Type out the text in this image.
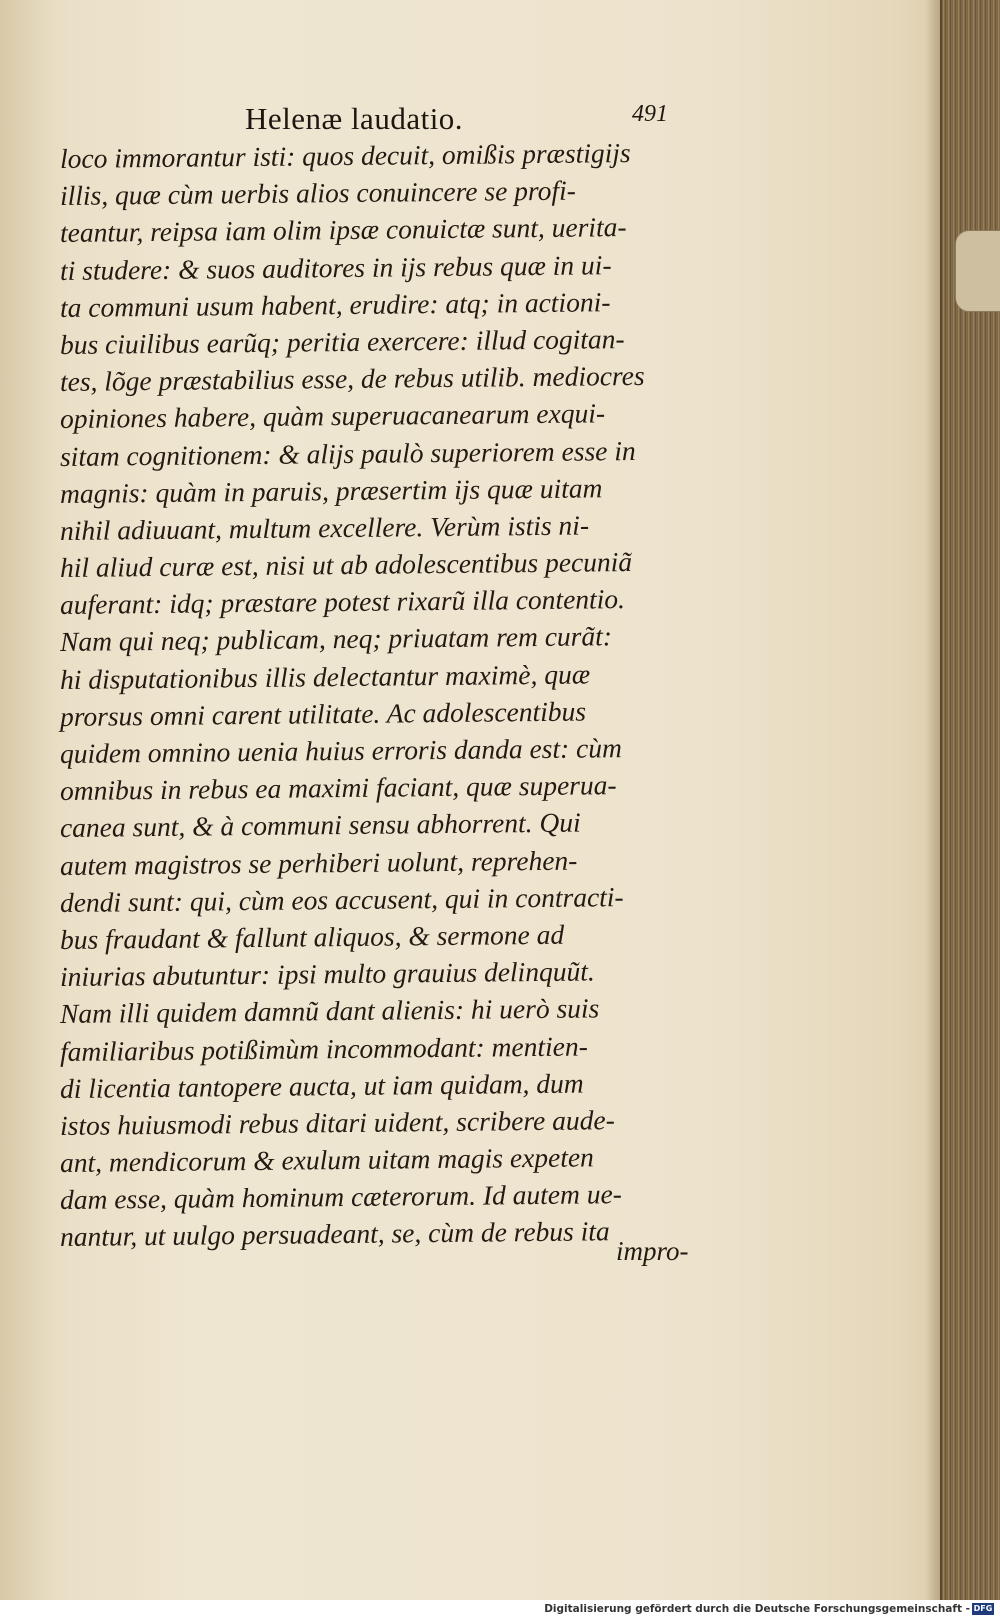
Helenæ laudatio.	491
loco immorantur isti: quos decuit, omißis præstigijs
illis, quæ cùm uerbis alios conuincere se profi-
teantur, reipsa iam olim ipsæ conuictæ sunt, uerita-
ti studere: & suos auditores in ijs rebus quæ in ui-
ta communi usum habent, erudire: atq; in actioni-
bus ciuilibus earũq; peritia exercere: illud cogitan-
tes, lõge præstabilius esse, de rebus utilib. mediocres
opiniones habere, quàm superuacanearum exqui-
sitam cognitionem: & alijs paulò superiorem esse in
magnis: quàm in paruis, præsertim ijs quæ uitam
nihil adiuuant, multum excellere. Verùm istis ni-
hil aliud curæ est, nisi ut ab adolescentibus pecuniã
auferant: idq; præstare potest rixarũ illa contentio.
Nam qui neq; publicam, neq; priuatam rem curãt:
hi disputationibus illis delectantur maximè, quæ
prorsus omni carent utilitate. Ac adolescentibus
quidem omnino uenia huius erroris danda est: cùm
omnibus in rebus ea maximi faciant, quæ superua-
canea sunt, & à communi sensu abhorrent. Qui
autem magistros se perhiberi uolunt, reprehen-
dendi sunt: qui, cùm eos accusent, qui in contracti-
bus fraudant & fallunt aliquos, & sermone ad
iniurias abutuntur: ipsi multo grauius delinquũt.
Nam illi quidem damnũ dant alienis: hi uerò suis
familiaribus potißimùm incommodant: mentien-
di licentia tantopere aucta, ut iam quidam, dum
istos huiusmodi rebus ditari uident, scribere aude-
ant, mendicorum & exulum uitam magis expeten
dam esse, quàm hominum cæterorum. Id autem ue-
nantur, ut uulgo persuadeant, se, cùm de rebus ita impro-
Digitalisierung gefördert durch die Deutsche Forschungsgemeinschaft - DFG
